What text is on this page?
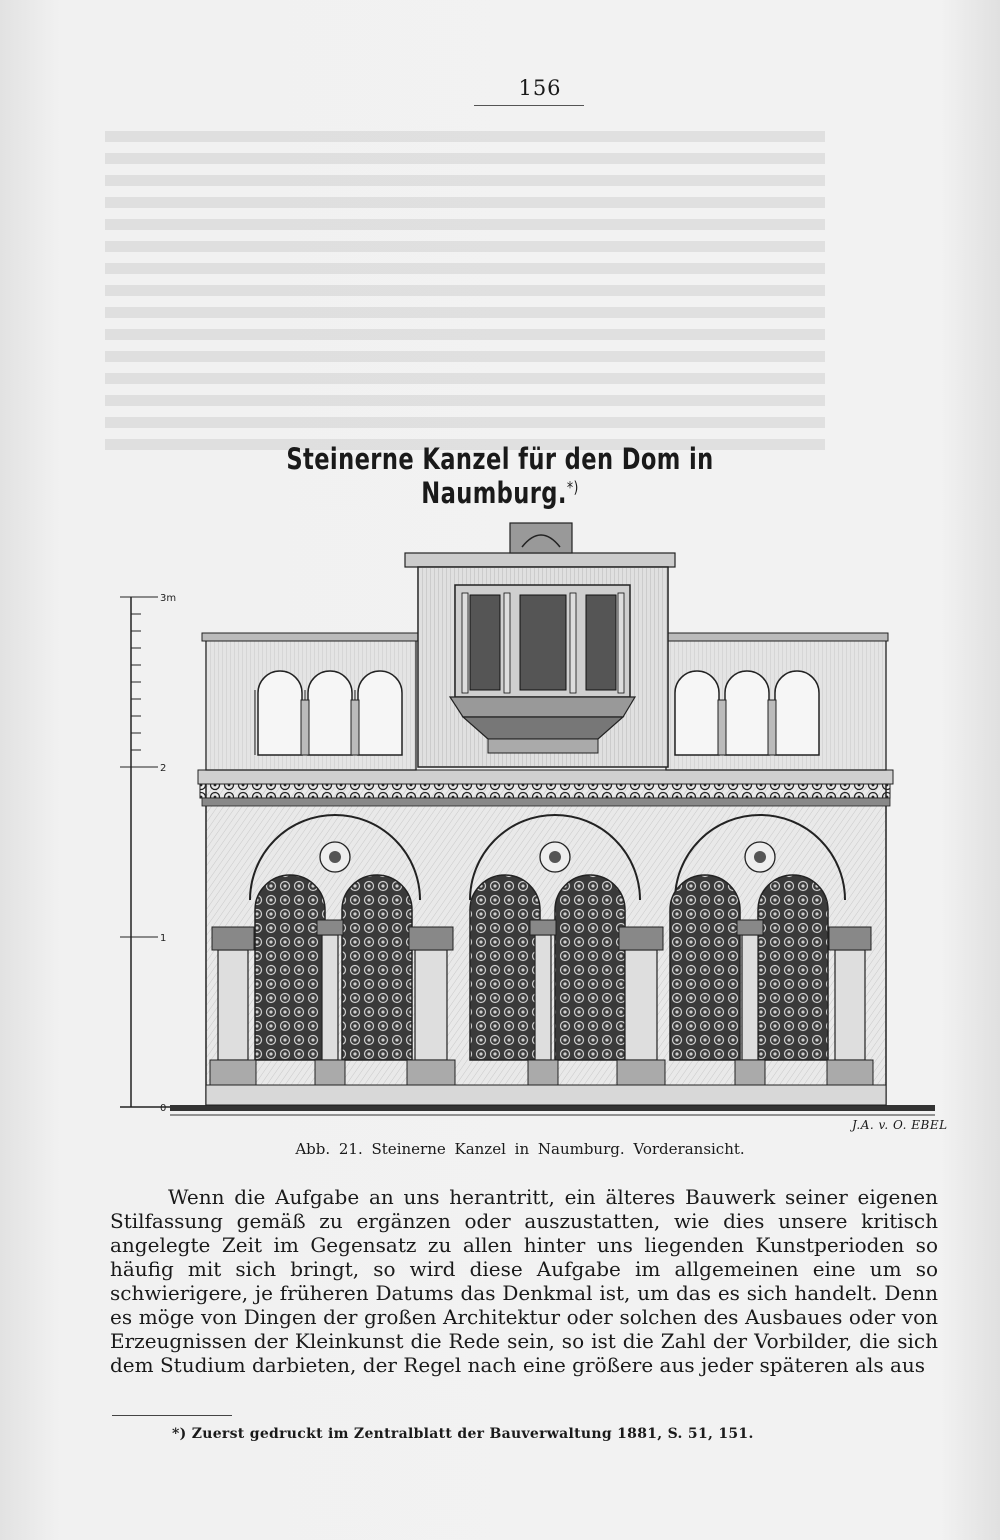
156
Steinerne Kanzel für den Dom in Naumburg.*)
3m
2
1
0
J.A. v. O. EBEL
Abb. 21. Steinerne Kanzel in Naumburg. Vorderansicht.
Wenn die Aufgabe an uns herantritt, ein älteres Bauwerk seiner eigenen Stilfassung gemäß zu ergänzen oder auszustatten, wie dies unsere kritisch angelegte Zeit im Gegensatz zu allen hinter uns liegenden Kunstperioden so häufig mit sich bringt, so wird diese Aufgabe im allgemeinen eine um so schwierigere, je früheren Datums das Denkmal ist, um das es sich handelt. Denn es möge von Dingen der großen Architektur oder solchen des Ausbaues oder von Erzeugnissen der Kleinkunst die Rede sein, so ist die Zahl der Vorbilder, die sich dem Studium darbieten, der Regel nach eine größere aus jeder späteren als aus
*) Zuerst gedruckt im Zentralblatt der Bauverwaltung 1881, S. 51, 151.
